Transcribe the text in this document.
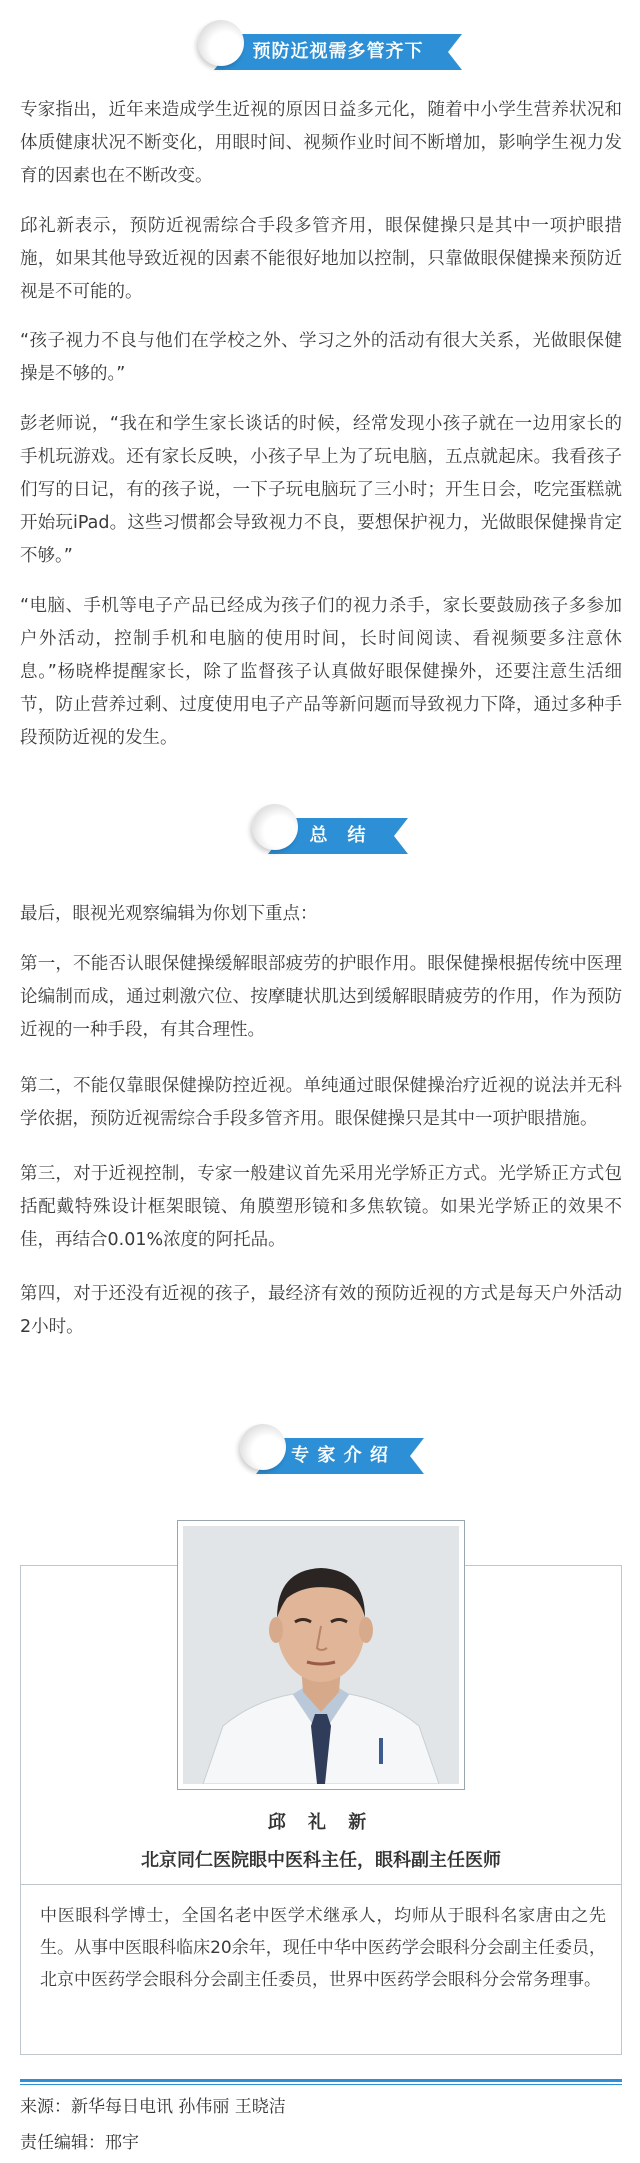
预防近视需多管齐下

专家指出，近年来造成学生近视的原因日益多元化，随着中小学生营养状况和体质健康状况不断变化，用眼时间、视频作业时间不断增加，影响学生视力发育的因素也在不断改变。

邱礼新表示，预防近视需综合手段多管齐用，眼保健操只是其中一项护眼措施，如果其他导致近视的因素不能很好地加以控制，只靠做眼保健操来预防近视是不可能的。

“孩子视力不良与他们在学校之外、学习之外的活动有很大关系，光做眼保健操是不够的。”

彭老师说，“我在和学生家长谈话的时候，经常发现小孩子就在一边用家长的手机玩游戏。还有家长反映，小孩子早上为了玩电脑，五点就起床。我看孩子们写的日记，有的孩子说，一下子玩电脑玩了三小时；开生日会，吃完蛋糕就开始玩iPad。这些习惯都会导致视力不良，要想保护视力，光做眼保健操肯定不够。”

“电脑、手机等电子产品已经成为孩子们的视力杀手，家长要鼓励孩子多参加户外活动，控制手机和电脑的使用时间，长时间阅读、看视频要多注意休息。”杨晓桦提醒家长，除了监督孩子认真做好眼保健操外，还要注意生活细节，防止营养过剩、过度使用电子产品等新问题而导致视力下降，通过多种手段预防近视的发生。

总　结

最后，眼视光观察编辑为你划下重点：

第一，不能否认眼保健操缓解眼部疲劳的护眼作用。眼保健操根据传统中医理论编制而成，通过刺激穴位、按摩睫状肌达到缓解眼睛疲劳的作用，作为预防近视的一种手段，有其合理性。

第二，不能仅靠眼保健操防控近视。单纯通过眼保健操治疗近视的说法并无科学依据，预防近视需综合手段多管齐用。眼保健操只是其中一项护眼措施。

第三，对于近视控制，专家一般建议首先采用光学矫正方式。光学矫正方式包括配戴特殊设计框架眼镜、角膜塑形镜和多焦软镜。如果光学矫正的效果不佳，再结合0.01%浓度的阿托品。

第四，对于还没有近视的孩子，最经济有效的预防近视的方式是每天户外活动2小时。

专 家 介 绍
邱 礼 新
北京同仁医院眼中医科主任，眼科副主任医师
中医眼科学博士，全国名老中医学术继承人，均师从于眼科名家唐由之先生。从事中医眼科临床20余年，现任中华中医药学会眼科分会副主任委员，北京中医药学会眼科分会副主任委员，世界中医药学会眼科分会常务理事。
来源：新华每日电讯 孙伟丽 王晓洁
责任编辑：邢宇
